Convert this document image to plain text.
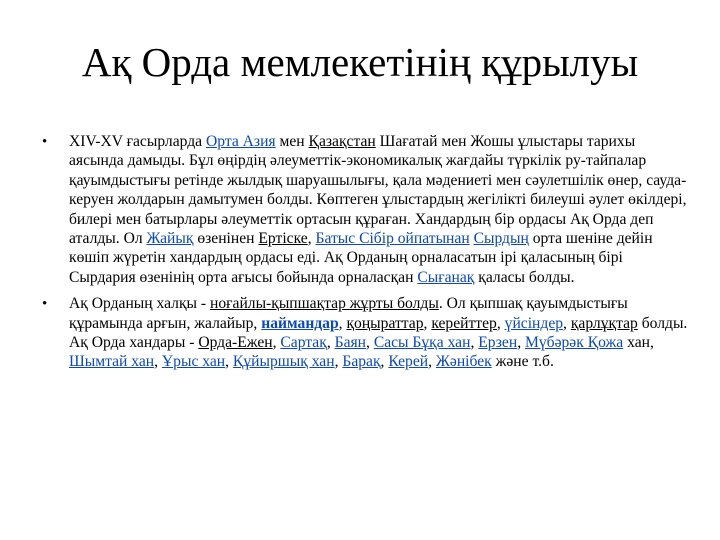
Ақ Орда мемлекетінің құрылуы
• XIV-XV ғасырларда Орта Азия мен Қазақстан Шағатай мен Жошы ұлыстары тарихы аясында дамыды. Бұл өңірдің әлеуметтік-экономикалық жағдайы түркілік ру-тайпалар қауымдыстығы ретінде жылдық шаруашылығы, қала мәдениеті мен сәулетшілік өнер, сауда-керуен жолдарын дамытумен болды. Көптеген ұлыстардың жегілікті билеуші әулет өкілдері, билері мен батырлары әлеуметтік ортасын құраған. Хандардың бір ордасы Ақ Орда деп аталды. Ол Жайық өзенінен Ертіске, Батыс Сібір ойпатынан Сырдың орта шеніне дейін көшіп жүретін хандардың ордасы еді. Ақ Орданың орналасатын ірі қаласының бірі Сырдария өзенінің орта ағысы бойында орналасқан Сығанақ қаласы болды.
• Ақ Орданың халқы - ноғайлы-қыпшақтар жұрты болды. Ол қыпшақ қауымдыстығы құрамында арғын, жалайыр, наймандар, қоңыраттар, керейттер, үйсіндер, қарлұқтар болды. Ақ Орда хандары - Орда-Ежен, Сартақ, Баян, Сасы Бұқа хан, Ерзен, Мүбәрәк Қожа хан, Шымтай хан, Ұрыс хан, Құйыршық хан, Барақ, Керей, Жәнібек және т.б.
